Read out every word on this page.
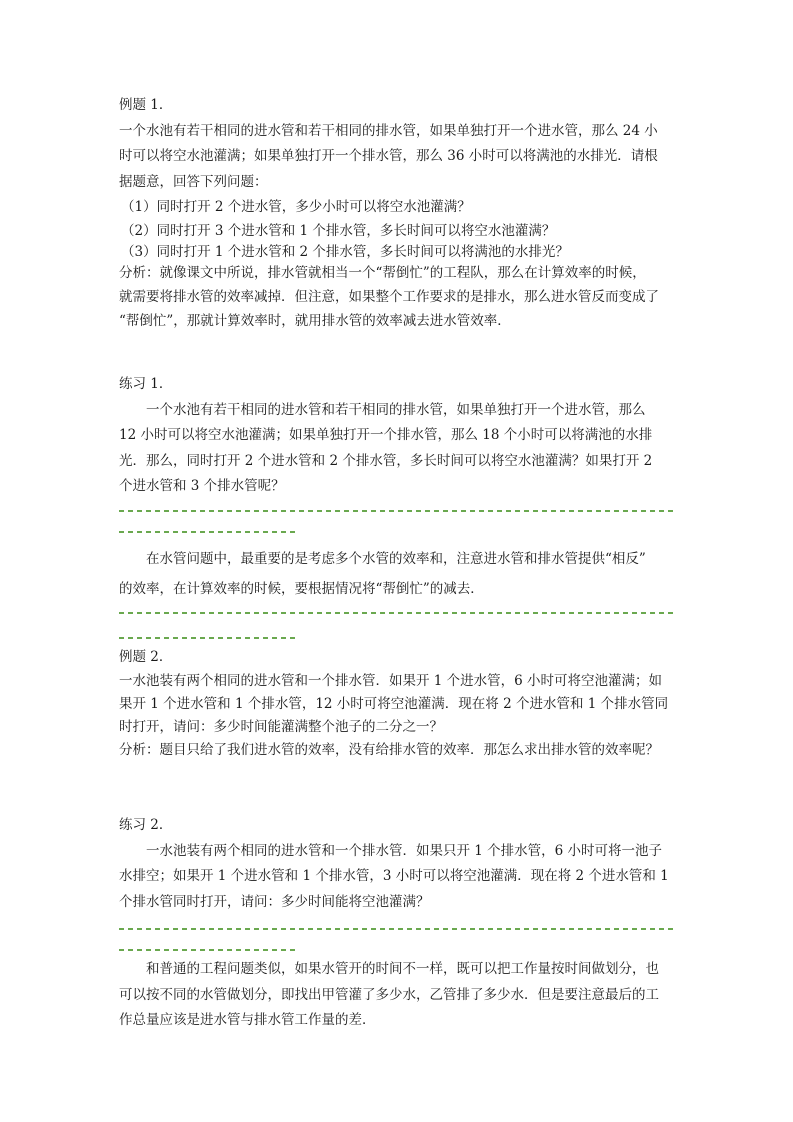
例题 1．

一个水池有若干相同的进水管和若干相同的排水管，如果单独打开一个进水管，那么 24 小

时可以将空水池灌满；如果单独打开一个排水管，那么 36 小时可以将满池的水排光．请根

据题意，回答下列问题：

（1）同时打开 2 个进水管，多少小时可以将空水池灌满？

（2）同时打开 3 个进水管和 1 个排水管，多长时间可以将空水池灌满？

（3）同时打开 1 个进水管和 2 个排水管，多长时间可以将满池的水排光？

分析：就像课文中所说，排水管就相当一个“帮倒忙”的工程队，那么在计算效率的时候，

就需要将排水管的效率减掉．但注意，如果整个工作要求的是排水，那么进水管反而变成了

“帮倒忙”，那就计算效率时，就用排水管的效率减去进水管效率．

练习 1．

一个水池有若干相同的进水管和若干相同的排水管，如果单独打开一个进水管，那么

12 小时可以将空水池灌满；如果单独打开一个排水管，那么 18 个小时可以将满池的水排

光．那么，同时打开 2 个进水管和 2 个排水管，多长时间可以将空水池灌满？如果打开 2

个进水管和 3 个排水管呢？

在水管问题中，最重要的是考虑多个水管的效率和，注意进水管和排水管提供“相反”

的效率，在计算效率的时候，要根据情况将“帮倒忙”的减去．

例题 2．

一水池装有两个相同的进水管和一个排水管．如果开 1 个进水管，6 小时可将空池灌满；如

果开 1 个进水管和 1 个排水管，12 小时可将空池灌满．现在将 2 个进水管和 1 个排水管同

时打开，请问：多少时间能灌满整个池子的二分之一？

分析：题目只给了我们进水管的效率，没有给排水管的效率．那怎么求出排水管的效率呢？

练习 2．

一水池装有两个相同的进水管和一个排水管．如果只开 1 个排水管，6 小时可将一池子

水排空；如果开 1 个进水管和 1 个排水管，3 小时可以将空池灌满．现在将 2 个进水管和 1

个排水管同时打开，请问：多少时间能将空池灌满？

和普通的工程问题类似，如果水管开的时间不一样，既可以把工作量按时间做划分，也

可以按不同的水管做划分，即找出甲管灌了多少水，乙管排了多少水．但是要注意最后的工

作总量应该是进水管与排水管工作量的差．
